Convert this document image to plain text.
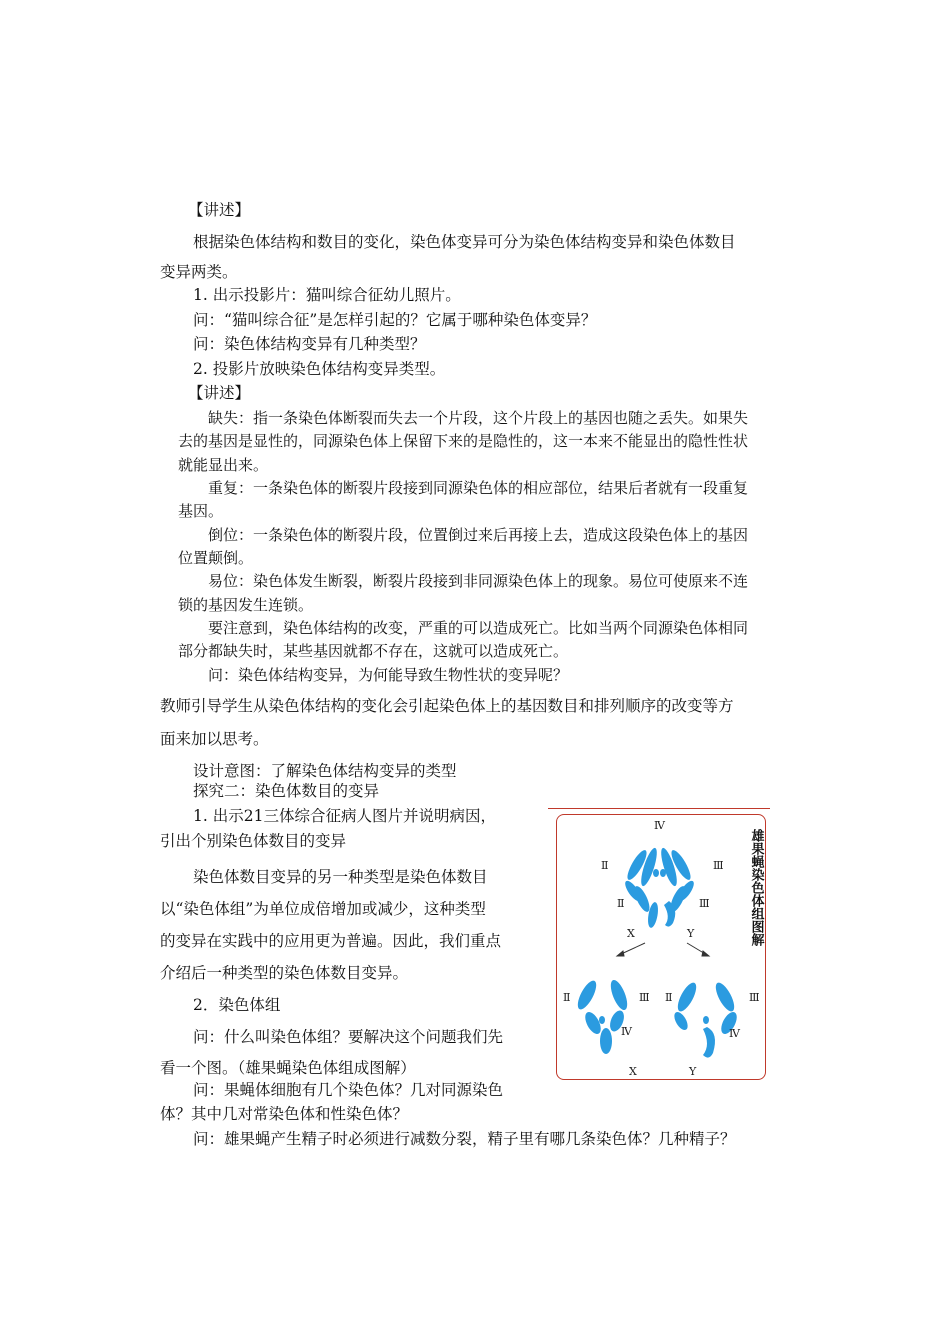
【讲述】
根据染色体结构和数目的变化，染色体变异可分为染色体结构变异和染色体数目
变异两类。
1. 出示投影片：猫叫综合征幼儿照片。
问：“猫叫综合征”是怎样引起的？它属于哪种染色体变异？
问：染色体结构变异有几种类型？
2. 投影片放映染色体结构变异类型。
【讲述】
缺失：指一条染色体断裂而失去一个片段，这个片段上的基因也随之丢失。如果失
去的基因是显性的，同源染色体上保留下来的是隐性的，这一本来不能显出的隐性性状
就能显出来。
重复：一条染色体的断裂片段接到同源染色体的相应部位，结果后者就有一段重复
基因。
倒位：一条染色体的断裂片段，位置倒过来后再接上去，造成这段染色体上的基因
位置颠倒。
易位：染色体发生断裂，断裂片段接到非同源染色体上的现象。易位可使原来不连
锁的基因发生连锁。
要注意到，染色体结构的改变，严重的可以造成死亡。比如当两个同源染色体相同
部分都缺失时，某些基因就都不存在，这就可以造成死亡。
问：染色体结构变异，为何能导致生物性状的变异呢？
教师引导学生从染色体结构的变化会引起染色体上的基因数目和排列顺序的改变等方
面来加以思考。
设计意图：了解染色体结构变异的类型
探究二：染色体数目的变异
1. 出示21三体综合征病人图片并说明病因，
引出个别染色体数目的变异
染色体数目变异的另一种类型是染色体数目
以“染色体组”为单位成倍增加或减少，这种类型
的变异在实践中的应用更为普遍。因此，我们重点
介绍后一种类型的染色体数目变异。
2．染色体组
问：什么叫染色体组？要解决这个问题我们先
看一个图。（雄果蝇染色体组成图解）
问：果蝇体细胞有几个染色体？几对同源染色
体？其中几对常染色体和性染色体？
问：雄果蝇产生精子时必须进行减数分裂，精子里有哪几条染色体？几种精子？
Ⅳ
Ⅱ	Ⅲ
Ⅱ	Ⅲ
X	Y
Ⅱ	Ⅲ
Ⅳ
X
Ⅱ	Ⅲ
Ⅳ
Y
雄果蝇染色体组图解
